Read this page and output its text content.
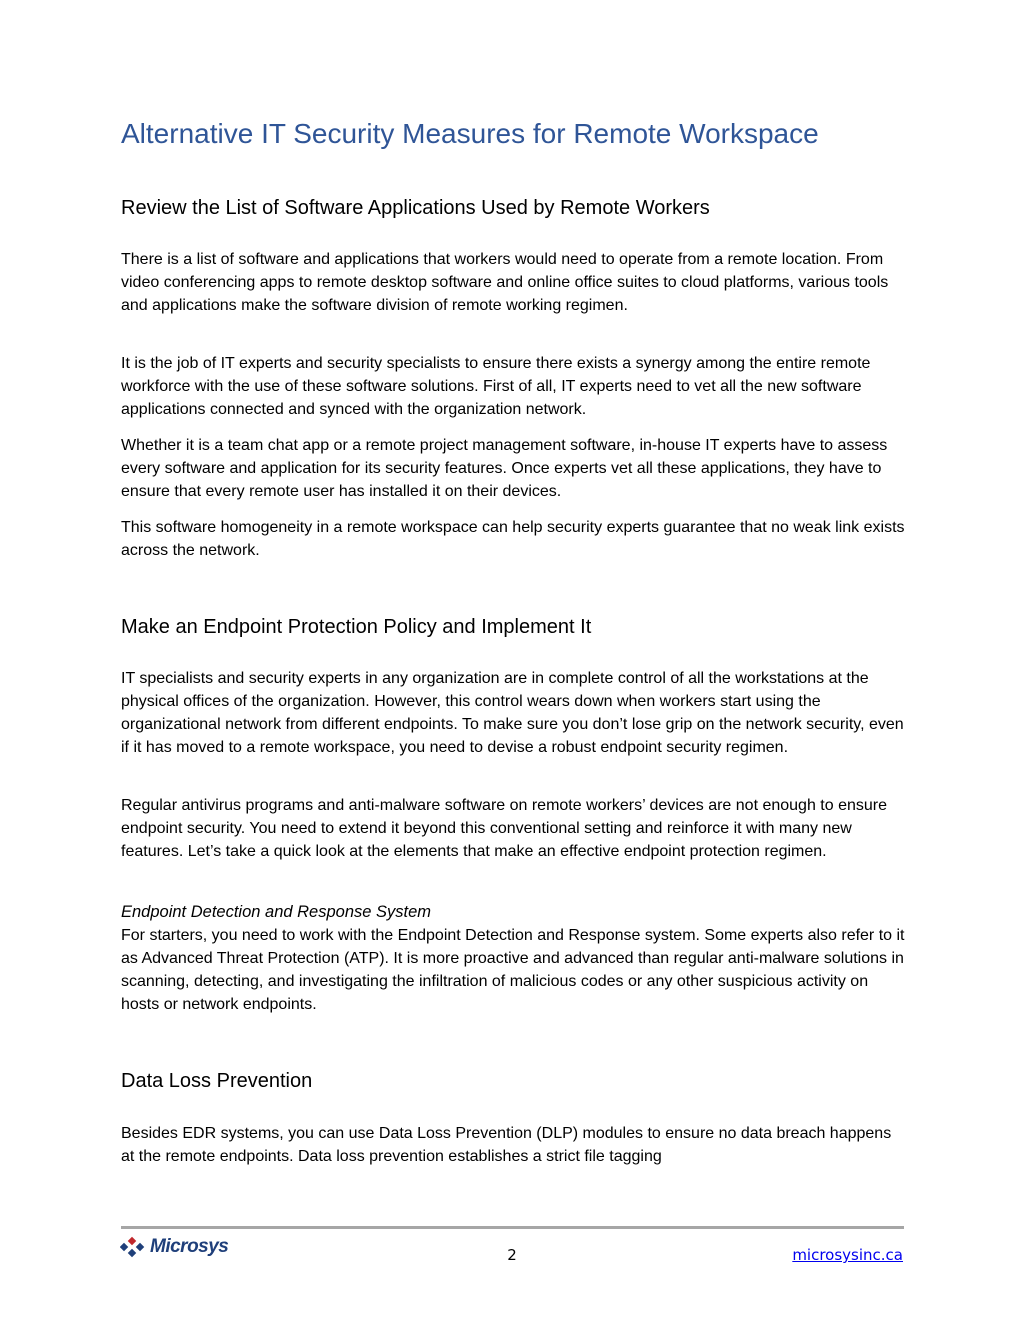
Alternative IT Security Measures for Remote Workspace
Review the List of Software Applications Used by Remote Workers

There is a list of software and applications that workers would need to operate from a remote location. From video conferencing apps to remote desktop software and online office suites to cloud platforms, various tools and applications make the software division of remote working regimen.

It is the job of IT experts and security specialists to ensure there exists a synergy among the entire remote workforce with the use of these software solutions. First of all, IT experts need to vet all the new software applications connected and synced with the organization network.

Whether it is a team chat app or a remote project management software, in-house IT experts have to assess every software and application for its security features. Once experts vet all these applications, they have to ensure that every remote user has installed it on their devices.

This software homogeneity in a remote workspace can help security experts guarantee that no weak link exists across the network.

Make an Endpoint Protection Policy and Implement It

IT specialists and security experts in any organization are in complete control of all the workstations at the physical offices of the organization. However, this control wears down when workers start using the organizational network from different endpoints. To make sure you don’t lose grip on the network security, even if it has moved to a remote workspace, you need to devise a robust endpoint security regimen.

Regular antivirus programs and anti-malware software on remote workers’ devices are not enough to ensure endpoint security. You need to extend it beyond this conventional setting and reinforce it with many new features. Let’s take a quick look at the elements that make an effective endpoint protection regimen.

Endpoint Detection and Response System

For starters, you need to work with the Endpoint Detection and Response system. Some experts also refer to it as Advanced Threat Protection (ATP). It is more proactive and advanced than regular anti-malware solutions in scanning, detecting, and investigating the infiltration of malicious codes or any other suspicious activity on hosts or network endpoints.

Data Loss Prevention

Besides EDR systems, you can use Data Loss Prevention (DLP) modules to ensure no data breach happens at the remote endpoints. Data loss prevention establishes a strict file tagging

Microsys	2	microsysinc.ca
